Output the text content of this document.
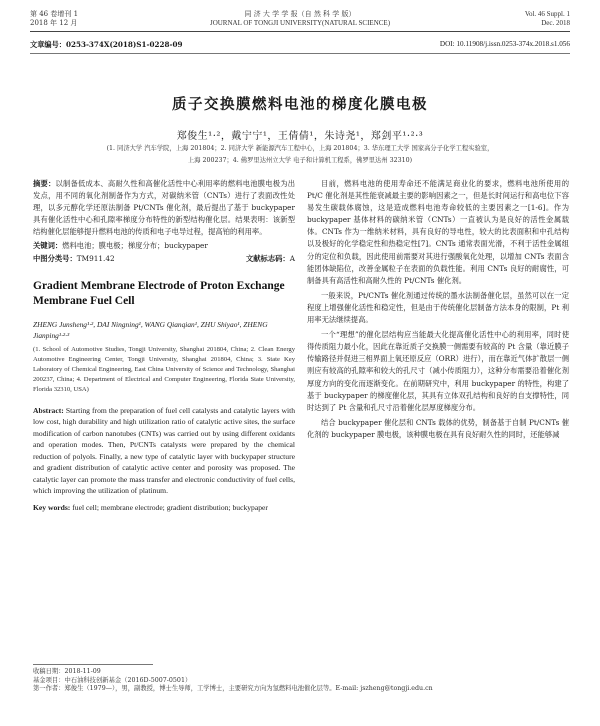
第 46 卷增刊 1
2018 年 12 月
同 济 大 学 学 报（自 然 科 学 版）
JOURNAL OF TONGJI UNIVERSITY(NATURAL SCIENCE)
Vol. 46 Suppl. 1
Dec. 2018
文章编号：0253-374X(2018)S1-0228-09	DOI: 10.11908/j.issn.0253-374x.2018.s1.056
质子交换膜燃料电池的梯度化膜电极
郑俊生¹·²，戴宁宁¹，王倩倩¹，朱诗尧¹，郑剑平¹·²·³
(1. 同济大学 汽车学院，上海 201804；2. 同济大学 新能源汽车工程中心，上海 201804；3. 华东理工大学 国家高分子化学工程实验室，
上海 200237；4. 佛罗里达州立大学 电子和计算机工程系，佛罗里达州 32310)
摘要：以制备低成本、高耐久性和高催化活性中心利用率的燃料电池膜电极为出发点，用不同的氧化剂制备作为方式，对碳纳米管（CNTs）进行了表面改性处理，以多元醇化学还原法制备 Pt/CNTs 催化剂，最后提出了基于 buckypaper 具有催化活性中心和孔隙率梯度分布特性的新型结构催化层。结果表明：该新型结构催化层能够提升燃料电池的传质和电子电导过程，提高铂的利用率。
关键词：燃料电池；膜电极；梯度分布；buckypaper
中图分类号：TM911.42	文献标志码：A
Gradient Membrane Electrode of Proton Exchange Membrane Fuel Cell
ZHENG Junsheng¹·², DAI Ningning¹, WANG Qianqian¹, ZHU Shiyao¹, ZHENG Jianping¹·²·³
(1. School of Automotive Studies, Tongji University, Shanghai 201804, China; 2. Clean Energy Automotive Engineering Center, Tongji University, Shanghai 201804, China; 3. State Key Laboratory of Chemical Engineering, East China University of Science and Technology, Shanghai 200237, China; 4. Department of Electrical and Computer Engineering, Florida State University, Florida 32310, USA)
Abstract: Starting from the preparation of fuel cell catalysts and catalytic layers with low cost, high durability and high utilization ratio of catalytic active sites, the surface modification of carbon nanotubes (CNTs) was carried out by using different oxidants and operation modes. Then, Pt/CNTs catalysts were prepared by the chemical reduction of polyols. Finally, a new type of catalytic layer with buckypaper structure and gradient distribution of catalytic active center and porosity was proposed. The catalytic layer can promote the mass transfer and electronic conductivity of fuel cells, which improving the utilization of platinum.
Key words: fuel cell; membrane electrode; gradient distribution; buckypaper
目前，燃料电池的使用寿命还不能满足商业化的要求，燃料电池所使用的 Pt/C 催化剂是其性能衰减最主要的影响因素之一，但是长时间运行和高电位下容易发生碳载体腐蚀，这是造成燃料电池寿命较低的主要因素之一[1-6]。作为 buckypaper 基体材料的碳纳米管（CNTs）一直被认为是良好的活性金属载体。CNTs 作为一维纳米材料，具有良好的导电性，较大的比表面积和中孔结构以及极好的化学稳定性和热稳定性[7]。CNTs 通常表面光滑，不利于活性金属组分的定位和负载，因此使用前需要对其进行强酸氧化处理，以增加 CNTs 表面含能团体缺陷位，改善金属粒子在表面的负载性能。利用 CNTs 良好的耐腐性，可制备具有高活性和高耐久性的 Pt/CNTs 催化剂。
一般来说，Pt/CNTs 催化剂通过传统的墨水法制备催化层，虽然可以在一定程度上增强催化活性和稳定性，但是由于传统催化层制备方法本身的限制，Pt 利用率无法继续提高。
一个“理想”的催化层结构应当能最大化提高催化活性中心的利用率，同时使得传质阻力最小化，因此在靠近质子交换膜一侧需要有较高的 Pt 含量（靠近膜子传输路径并促进三相界面上氧还原反应（ORR）进行），而在靠近气体扩散层一侧则应有较高的孔隙率和较大的孔尺寸（减小传质阻力），这种分布需要沿着催化剂厚度方向的变化而逐渐变化。在前期研究中，利用 buckypaper 的特性，构建了基于 buckypaper 的梯度催化层，其具有立体双孔结构和良好的自支撑特性，同时达到了 Pt 含量和孔尺寸沿着催化层厚度梯度分布。
结合 buckypaper 催化层和 CNTs 载体的优势，制备基于自制 Pt/CNTs 催化剂的 buckypaper 膜电极，该种膜电极在具有良好耐久性的同时，还能够减
收稿日期：2018-11-09
基金项目：中石油科技创新基金（2016D-5007-0501）
第一作者：郑俊生（1979—），男，副教授，博士生导师，工学博士，主要研究方向为氢燃料电池催化层等。E-mail: jszheng@tongji.edu.cn
